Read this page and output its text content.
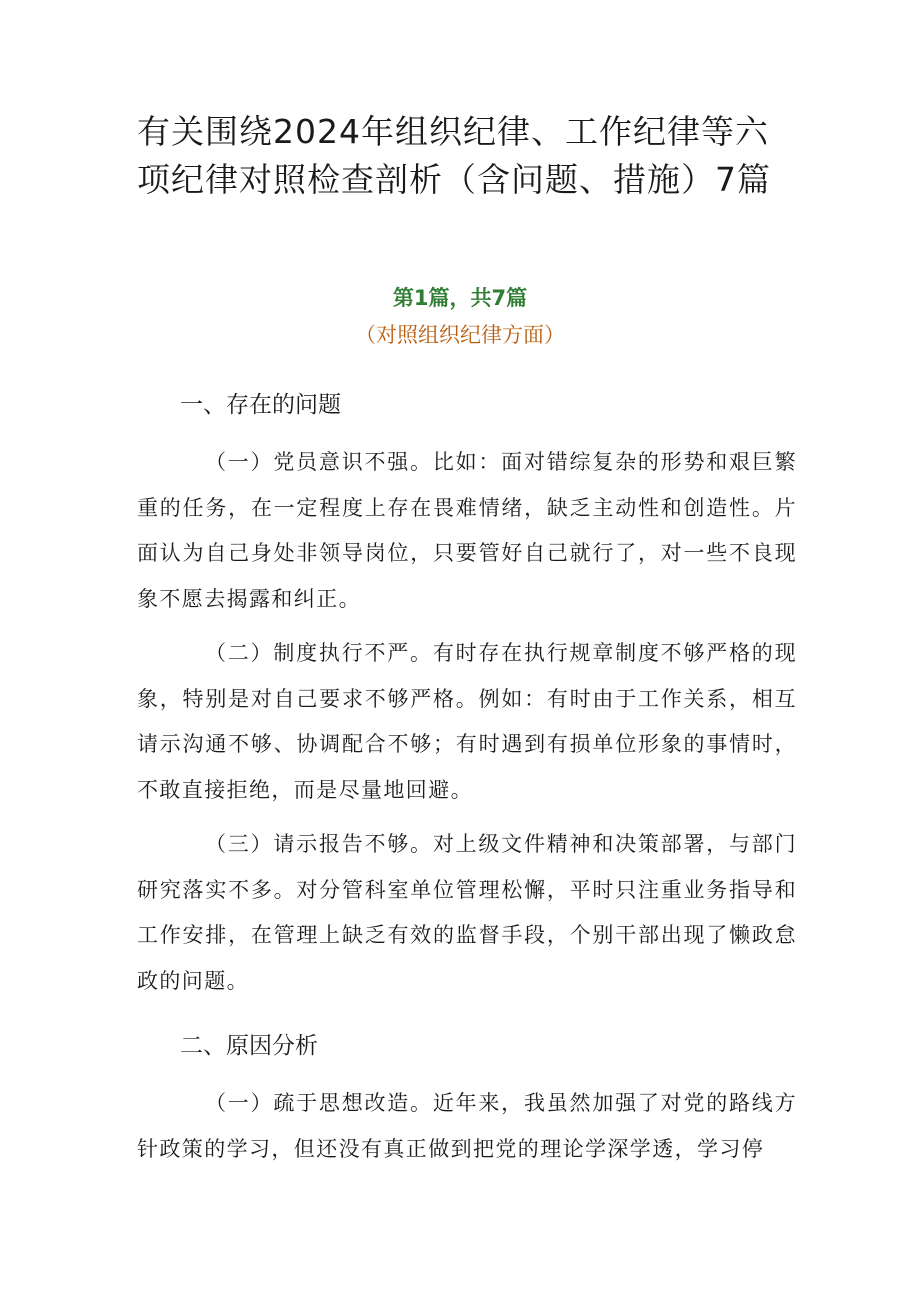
有关围绕2024年组织纪律、工作纪律等六项纪律对照检查剖析（含问题、措施）7篇

第1篇，共7篇

（对照组织纪律方面）

一、存在的问题

（一）党员意识不强。比如：面对错综复杂的形势和艰巨繁重的任务，在一定程度上存在畏难情绪，缺乏主动性和创造性。片面认为自己身处非领导岗位，只要管好自己就行了，对一些不良现象不愿去揭露和纠正。

（二）制度执行不严。有时存在执行规章制度不够严格的现象，特别是对自己要求不够严格。例如：有时由于工作关系，相互请示沟通不够、协调配合不够；有时遇到有损单位形象的事情时，不敢直接拒绝，而是尽量地回避。

（三）请示报告不够。对上级文件精神和决策部署，与部门研究落实不多。对分管科室单位管理松懈，平时只注重业务指导和工作安排，在管理上缺乏有效的监督手段，个别干部出现了懒政怠政的问题。

二、原因分析

（一）疏于思想改造。近年来，我虽然加强了对党的路线方针政策的学习，但还没有真正做到把党的理论学深学透，学习停
